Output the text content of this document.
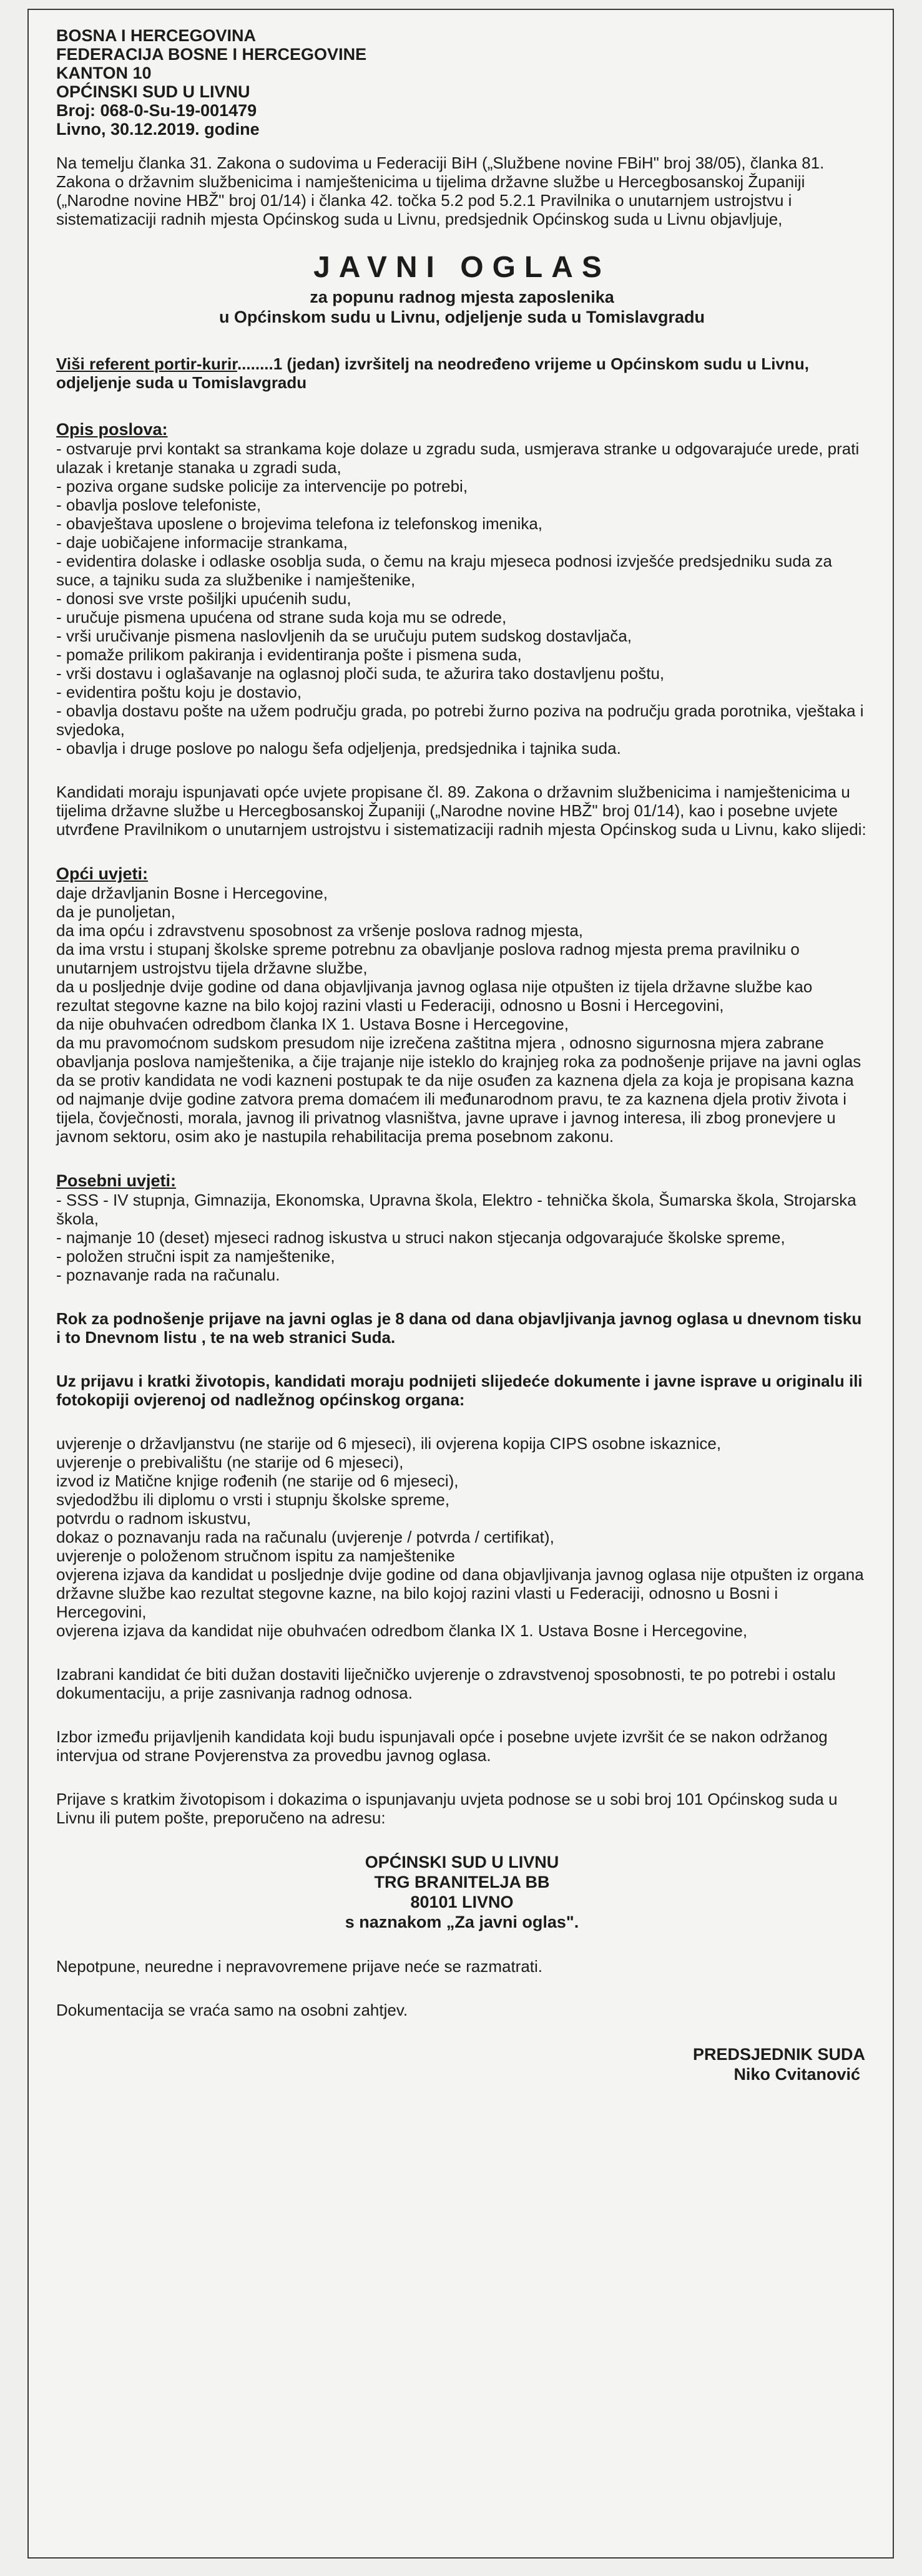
BOSNA I HERCEGOVINA
FEDERACIJA BOSNE I HERCEGOVINE
KANTON 10
OPĆINSKI SUD U LIVNU
Broj: 068-0-Su-19-001479
Livno, 30.12.2019. godine

Na temelju članka 31. Zakona o sudovima u Federaciji BiH („Službene novine FBiH" broj 38/05), članka 81. Zakona o državnim službenicima i namještenicima u tijelima državne službe u Hercegbosanskoj Županiji („Narodne novine HBŽ" broj 01/14) i članka 42. točka 5.2 pod 5.2.1 Pravilnika o unutarnjem ustrojstvu i sistematizaciji radnih mjesta Općinskog suda u Livnu, predsjednik Općinskog suda u Livnu objavljuje,

JAVNI OGLAS
za popunu radnog mjesta zaposlenika
u Općinskom sudu u Livnu, odjeljenje suda u Tomislavgradu

Viši referent portir-kurir........1 (jedan) izvršitelj na neodređeno vrijeme u Općinskom sudu u Livnu, odjeljenje suda u Tomislavgradu

Opis poslova:
- ostvaruje prvi kontakt sa strankama koje dolaze u zgradu suda, usmjerava stranke u odgovarajuće urede, prati ulazak i kretanje stanaka u zgradi suda,
- poziva organe sudske policije za intervencije po potrebi,
- obavlja poslove telefoniste,
- obavještava uposlene o brojevima telefona iz telefonskog imenika,
- daje uobičajene informacije strankama,
- evidentira dolaske i odlaske osoblja suda, o čemu na kraju mjeseca podnosi izvješće predsjedniku suda za suce, a tajniku suda za službenike i namještenike,
- donosi sve vrste pošiljki upućenih sudu,
- uručuje pismena upućena od strane suda koja mu se odrede,
- vrši uručivanje pismena naslovljenih da se uručuju putem sudskog dostavljača,
- pomaže prilikom pakiranja i evidentiranja pošte i pismena suda,
- vrši dostavu i oglašavanje na oglasnoj ploči suda, te ažurira tako dostavljenu poštu,
- evidentira poštu koju je dostavio,
- obavlja dostavu pošte na užem području grada, po potrebi žurno poziva na području grada porotnika, vještaka i svjedoka,
- obavlja i druge poslove po nalogu šefa odjeljenja, predsjednika i tajnika suda.

Kandidati moraju ispunjavati opće uvjete propisane čl. 89. Zakona o državnim službenicima i namještenicima u tijelima državne službe u Hercegbosanskoj Županiji („Narodne novine HBŽ" broj 01/14), kao i posebne uvjete utvrđene Pravilnikom o unutarnjem ustrojstvu i sistematizaciji radnih mjesta Općinskog suda u Livnu, kako slijedi:

Opći uvjeti:
daje državljanin Bosne i Hercegovine,
da je punoljetan,
da ima opću i zdravstvenu sposobnost za vršenje poslova radnog mjesta,
da ima vrstu i stupanj školske spreme potrebnu za obavljanje poslova radnog mjesta prema pravilniku o unutarnjem ustrojstvu tijela državne službe,
da u posljednje dvije godine od dana objavljivanja javnog oglasa nije otpušten iz tijela državne službe kao rezultat stegovne kazne na bilo kojoj razini vlasti u Federaciji, odnosno u Bosni i Hercegovini,
da nije obuhvaćen odredbom članka IX 1. Ustava Bosne i Hercegovine,
da mu pravomoćnom sudskom presudom nije izrečena zaštitna mjera , odnosno sigurnosna mjera zabrane obavljanja poslova namještenika, a čije trajanje nije isteklo do krajnjeg roka za podnošenje prijave na javni oglas
da se protiv kandidata ne vodi kazneni postupak te da nije osuđen za kaznena djela za koja je propisana kazna od najmanje dvije godine zatvora prema domaćem ili međunarodnom pravu, te za kaznena djela protiv života i tijela, čovječnosti, morala, javnog ili privatnog vlasništva, javne uprave i javnog interesa, ili zbog pronevjere u javnom sektoru, osim ako je nastupila rehabilitacija prema posebnom zakonu.
Posebni uvjeti:
- SSS - IV stupnja, Gimnazija, Ekonomska, Upravna škola, Elektro - tehnička škola, Šumarska škola, Strojarska škola,
- najmanje 10 (deset) mjeseci radnog iskustva u struci nakon stjecanja odgovarajuće školske spreme,
- položen stručni ispit za namještenike,
- poznavanje rada na računalu.

Rok za podnošenje prijave na javni oglas je 8 dana od dana objavljivanja javnog oglasa u dnevnom tisku i to Dnevnom listu , te na web stranici Suda.

Uz prijavu i kratki životopis, kandidati moraju podnijeti slijedeće dokumente i javne isprave u originalu ili fotokopiji ovjerenoj od nadležnog općinskog organa:

uvjerenje o državljanstvu (ne starije od 6 mjeseci), ili ovjerena kopija CIPS osobne iskaznice,
uvjerenje o prebivalištu (ne starije od 6 mjeseci),
izvod iz Matične knjige rođenih (ne starije od 6 mjeseci),
svjedodžbu ili diplomu o vrsti i stupnju školske spreme,
potvrdu o radnom iskustvu,
dokaz o poznavanju rada na računalu (uvjerenje / potvrda / certifikat),
uvjerenje o položenom stručnom ispitu za namještenike
ovjerena izjava da kandidat u posljednje dvije godine od dana objavljivanja javnog oglasa nije otpušten iz organa državne službe kao rezultat stegovne kazne, na bilo kojoj razini vlasti u Federaciji, odnosno u Bosni i Hercegovini,
ovjerena izjava da kandidat nije obuhvaćen odredbom članka IX 1. Ustava Bosne i Hercegovine,

Izabrani kandidat će biti dužan dostaviti liječničko uvjerenje o zdravstvenoj sposobnosti, te po potrebi i ostalu dokumentaciju, a prije zasnivanja radnog odnosa.

Izbor između prijavljenih kandidata koji budu ispunjavali opće i posebne uvjete izvršit će se nakon održanog intervjua od strane Povjerenstva za provedbu javnog oglasa.

Prijave s kratkim životopisom i dokazima o ispunjavanju uvjeta podnose se u sobi broj 101 Općinskog suda u Livnu ili putem pošte, preporučeno na adresu:

OPĆINSKI SUD U LIVNU
TRG BRANITELJA BB
80101 LIVNO
s naznakom „Za javni oglas".

Nepotpune, neuredne i nepravovremene prijave neće se razmatrati.

Dokumentacija se vraća samo na osobni zahtjev.

PREDSJEDNIK SUDA
Niko Cvitanović
